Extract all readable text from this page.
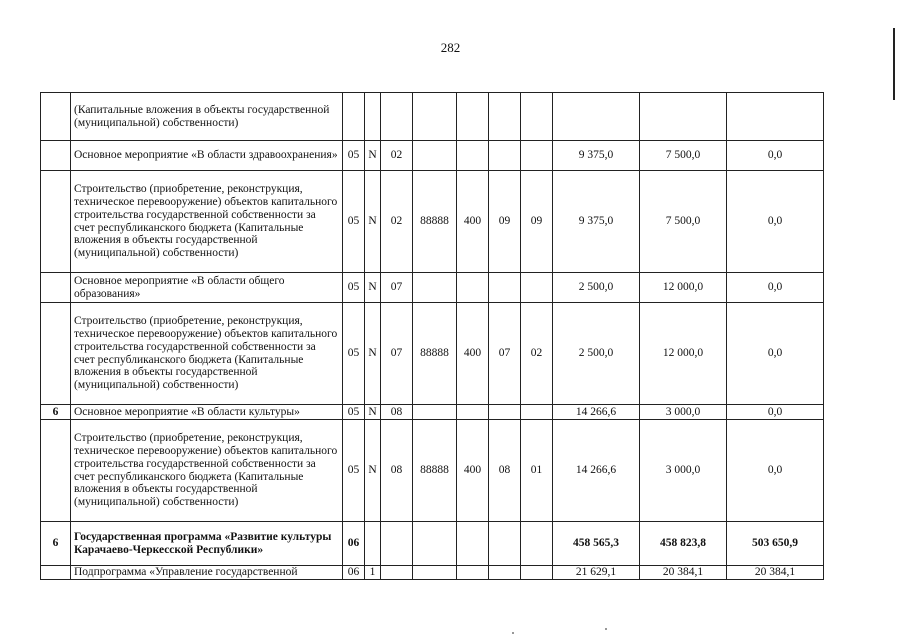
282
	(Капитальные вложения в объекты государственной (муниципальной) собственности)										
	Основное мероприятие «В области здравоохранения»	05	N	02					9 375,0	7 500,0	0,0
	Строительство (приобретение, реконструкция, техническое перевооружение) объектов капитального строительства государственной собственности за счет республиканского бюджета (Капитальные вложения в объекты государственной (муниципальной) собственности)	05	N	02	88888	400	09	09	9 375,0	7 500,0	0,0
	Основное мероприятие «В области общего образования»	05	N	07					2 500,0	12 000,0	0,0
	Строительство (приобретение, реконструкция, техническое перевооружение) объектов капитального строительства государственной собственности за счет республиканского бюджета (Капитальные вложения в объекты государственной (муниципальной) собственности)	05	N	07	88888	400	07	02	2 500,0	12 000,0	0,0
6	Основное мероприятие «В области культуры»	05	N	08					14 266,6	3 000,0	0,0
	Строительство (приобретение, реконструкция, техническое перевооружение) объектов капитального строительства государственной собственности за счет республиканского бюджета (Капитальные вложения в объекты государственной (муниципальной) собственности)	05	N	08	88888	400	08	01	14 266,6	3 000,0	0,0
6	Государственная программа «Развитие культуры Карачаево-Черкесской Республики»	06							458 565,3	458 823,8	503 650,9
	Подпрограмма «Управление государственной	06	1						21 629,1	20 384,1	20 384,1
